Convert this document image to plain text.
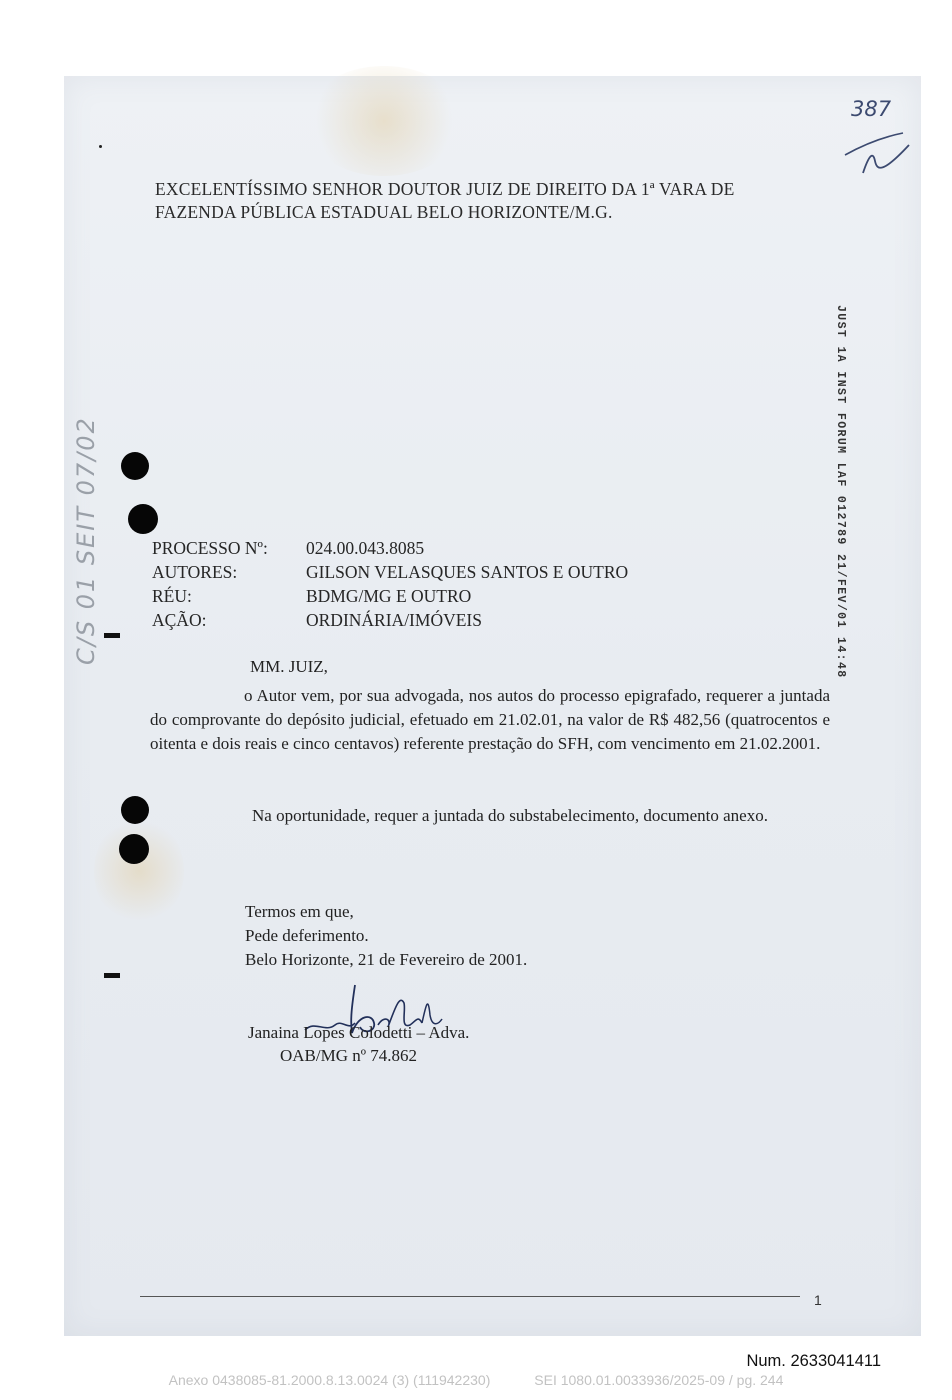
387
EXCELENTÍSSIMO SENHOR DOUTOR JUIZ DE DIREITO DA 1ª VARA DE
FAZENDA PÚBLICA ESTADUAL BELO HORIZONTE/M.G.
JUST 1A INST FORUM LAF 012789 21/FEV/01 14:48
C/S 01 SEIT 07/02	PROCESSO Nº: 024.00.043.8085
AUTORES:	GILSON VELASQUES SANTOS E OUTRO
RÉU:	BDMG/MG E OUTRO
AÇÃO:	ORDINÁRIA/IMÓVEIS
MM. JUIZ,
o Autor vem, por sua advogada, nos autos do processo epigrafado, requerer a juntada do comprovante do depósito judicial, efetuado em 21.02.01, na valor de R$ 482,56 (quatrocentos e oitenta e dois reais e cinco centavos) referente prestação do SFH, com vencimento em 21.02.2001.
Na oportunidade, requer a juntada do substabelecimento, documento anexo.
Termos em que,
Pede deferimento.
Belo Horizonte, 21 de Fevereiro de 2001.
Janaina Lopes Colodetti – Adva.
OAB/MG nº 74.862
1
Num. 2633041411
Anexo 0438085-81.2000.8.13.0024 (3) (111942230)	SEI 1080.01.0033936/2025-09 / pg. 244
